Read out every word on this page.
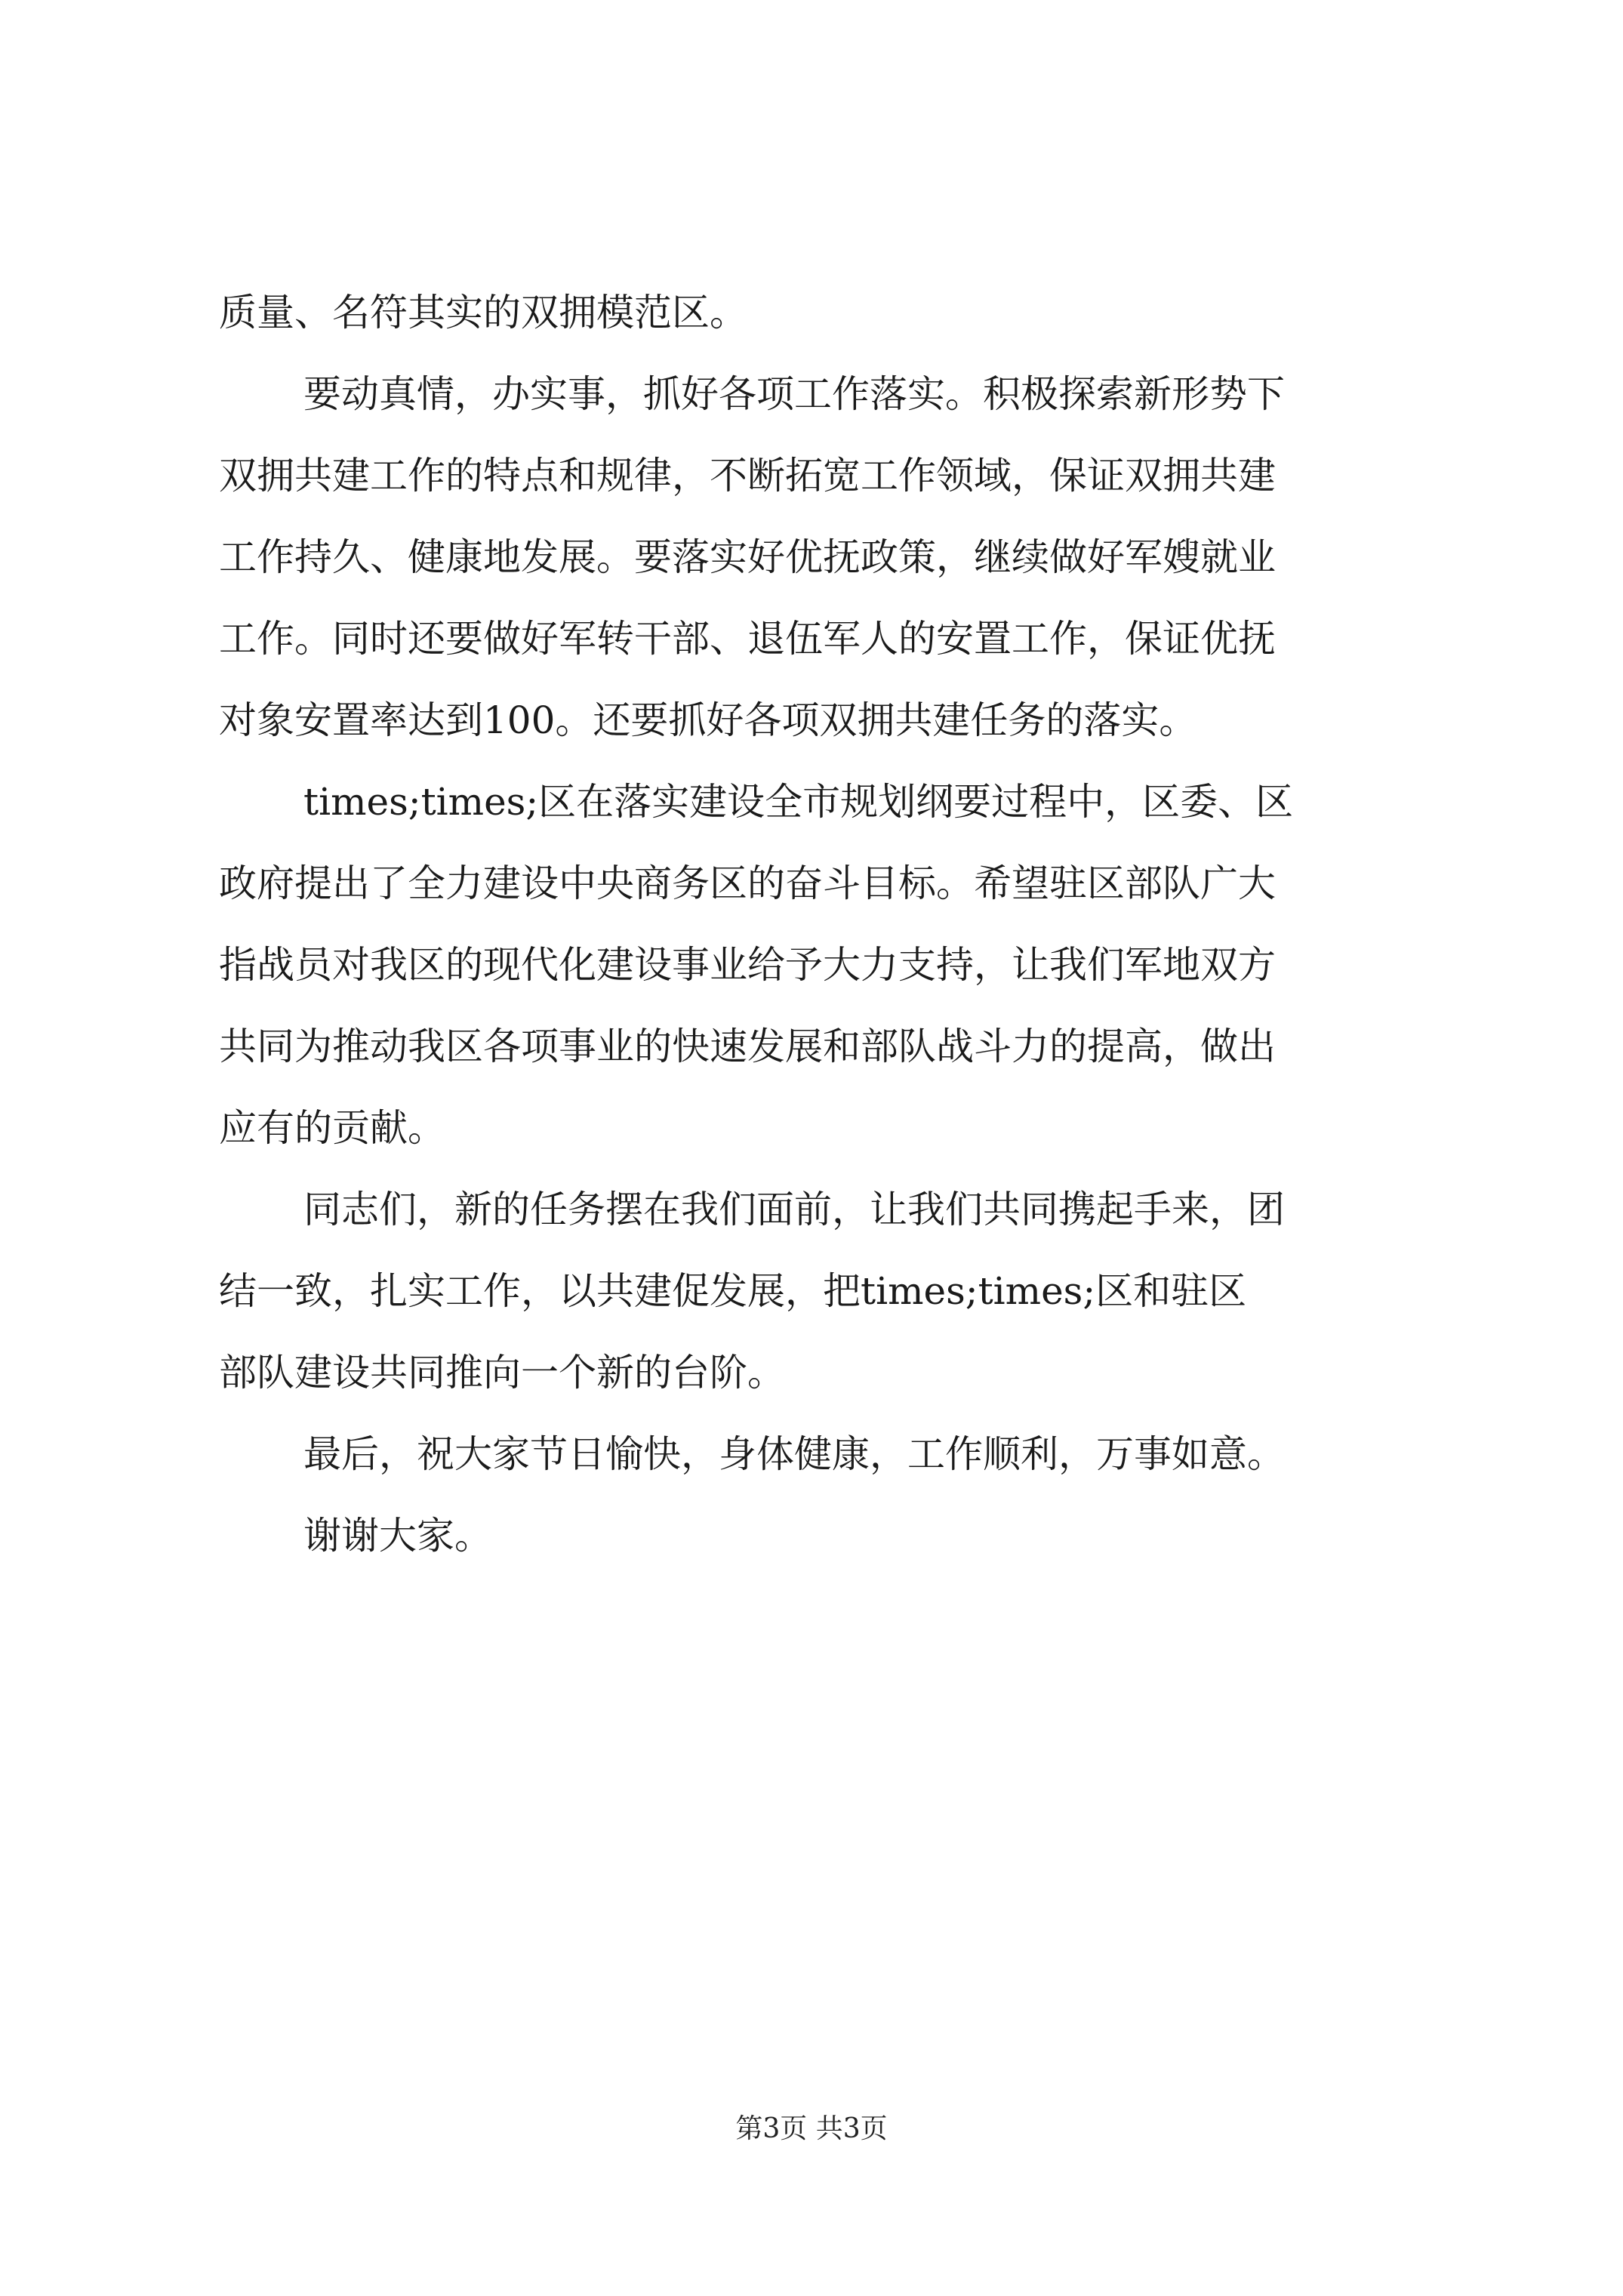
质量、名符其实的双拥模范区。
要动真情，办实事，抓好各项工作落实。积极探索新形势下
双拥共建工作的特点和规律，不断拓宽工作领域，保证双拥共建
工作持久、健康地发展。要落实好优抚政策，继续做好军嫂就业
工作。同时还要做好军转干部、退伍军人的安置工作，保证优抚
对象安置率达到100。还要抓好各项双拥共建任务的落实。
times;times;区在落实建设全市规划纲要过程中，区委、区
政府提出了全力建设中央商务区的奋斗目标。希望驻区部队广大
指战员对我区的现代化建设事业给予大力支持，让我们军地双方
共同为推动我区各项事业的快速发展和部队战斗力的提高，做出
应有的贡献。
同志们，新的任务摆在我们面前，让我们共同携起手来，团
结一致，扎实工作，以共建促发展，把times;times;区和驻区
部队建设共同推向一个新的台阶。
最后，祝大家节日愉快，身体健康，工作顺利，万事如意。
谢谢大家。
第3页 共3页
